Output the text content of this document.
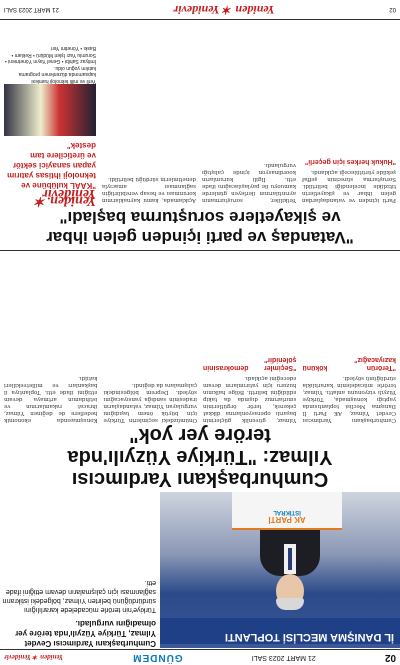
02
21 MART 2023 SALI
GÜNDEM
Yeniden ✶ Yenidevir
İL DANIŞMA MECLİSİ TOPLANTI
AK PARTİ
İSTİKRAL
Cumhurbaşkanı Yardımcısı Cevdet Yılmaz, Türkiye Yüzyılı'nda teröre yer olmadığını vurguladı.
Türkiye'nin terörle mücadelede kararlılığını sürdürdüğünü belirten Yılmaz, bölgedeki istikrarın sağlanması için çalışmaların devam ettiğini ifade etti.
Cumhurbaşkanı Yardımcısı
Yılmaz: "Türkiye Yüzyılı'nda
teröre yer yok"
Cumhurbaşkanı Yardımcısı Cevdet Yılmaz, AK Parti İl Danışma Meclisi toplantısında yaptığı konuşmada, Türkiye Yüzyılı vizyonunu anlattı. Yılmaz, terörle mücadelenin kararlılıkla sürdüğünü söyledi.
"Terörün kökünü kazıyacağız"
Yılmaz, güvenlik güçlerinin başarılı operasyonlarına dikkat çekerek, terör örgütlerinin sınırlarımız dışında da takip edildiğini belirtti. Bölge halkının huzuru için yatırımların devam edeceğini açıkladı.
"Seçimler demokrasinin şölenidir"
Önümüzdeki seçimlerin Türkiye için büyük önem taşıdığını vurgulayan Yılmaz, vatandaşların iradesinin sandığa yansıyacağını söyledi. Deprem bölgesindeki çalışmalara da değindi.
Konuşmasında ekonomik hedeflere de değinen Yılmaz, ihracat rakamlarının ve istihdamın artmaya devam ettiğini ifade etti. Toplantıya il başkanları ve milletvekilleri katıldı.
"Vatandaş ve parti içinden gelen ihbar
ve şikayetlere soruşturma başladı"
Parti içinden ve vatandaşlardan gelen ihbar ve şikayetlerin titizlikle incelendiği belirtildi. Soruşturma sürecinin şeffaf şekilde yürütüleceği açıklandı.
"Hukuk herkes için geçerli"
Yetkililer, soruşturmanın ayrıntılarının ilerleyen günlerde kamuoyu ile paylaşılacağını ifade etti. İlgili kurumların koordinasyon içinde çalıştığı vurgulandı.
Açıklamada, kamu kaynaklarının korunması ve hesap verebilirliğin sağlanması amacıyla denetimlerin sürdüğü belirtildi.
Yeniden ✶ Yenidevir
"KAAL kulübüne ve teknoloji ihtisas yatırım yapan sanayici sektör ve üreticilere tam destek"
Yerli ve milli teknoloji hamlesi kapsamında düzenlenen programa katılım yoğun oldu.
İmtiyaz Sahibi • Genel Yayın Yönetmeni • Sorumlu Yazı İşleri Müdürü • Reklam • Baskı • Yönetim Yeri
02
Yeniden ✶ Yenidevir
21 MART 2023 SALI
